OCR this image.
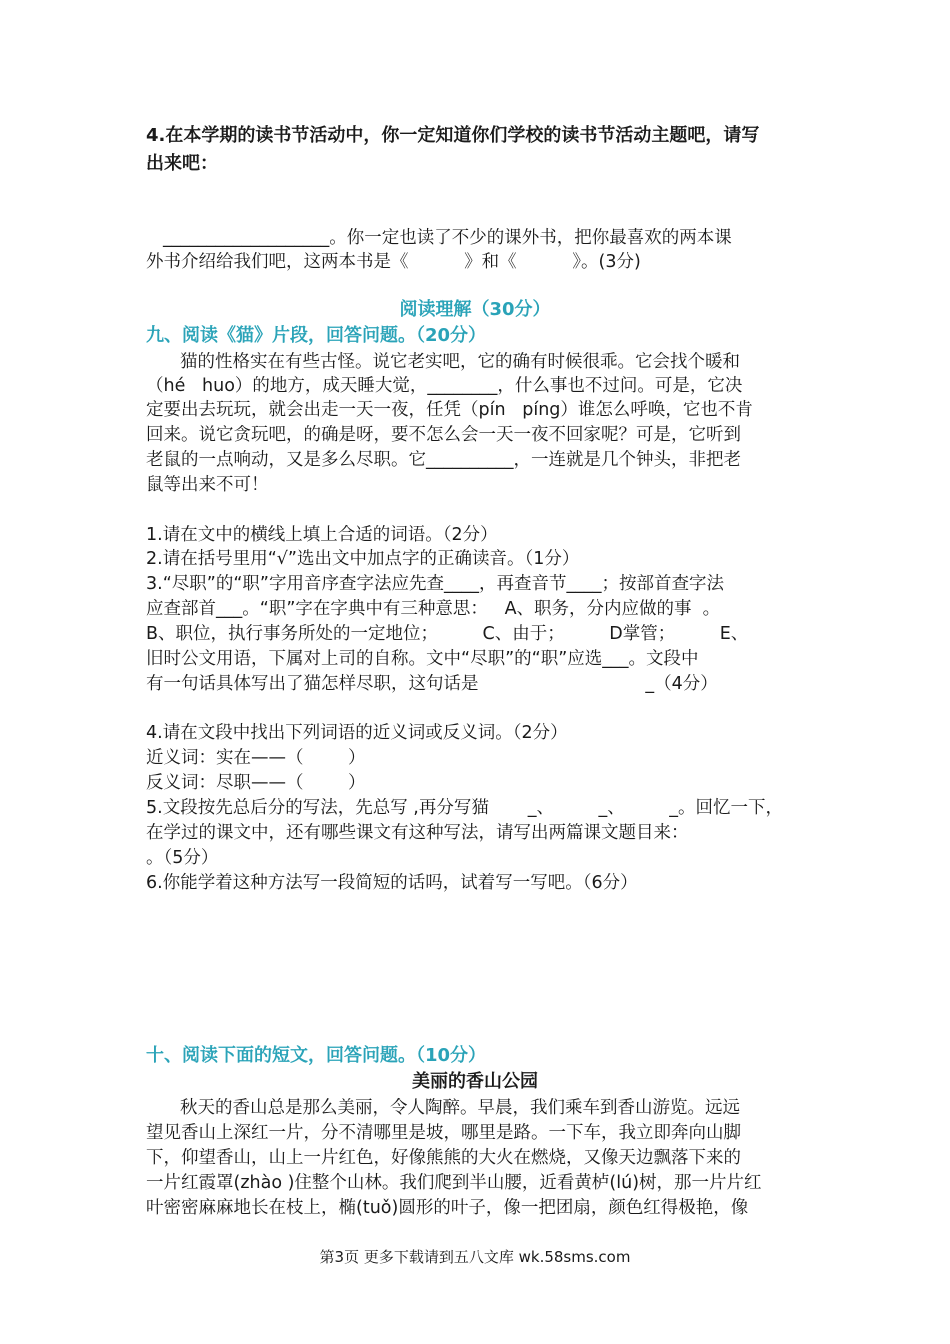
4.在本学期的读书节活动中，你一定知道你们学校的读书节活动主题吧，请写
出来吧：
___________________。你一定也读了不少的课外书，把你最喜欢的两本课
外书介绍给我们吧，这两本书是《          》和《          》。(3分)
阅读理解（30分）
九、阅读《猫》片段，回答问题。（20分）
猫的性格实在有些古怪。说它老实吧，它的确有时候很乖。它会找个暖和
（hé   huo）的地方，成天睡大觉，________，什么事也不过问。可是，它决
定要出去玩玩，就会出走一天一夜，任凭（pín   píng）谁怎么呼唤，它也不肯
回来。说它贪玩吧，的确是呀，要不怎么会一天一夜不回家呢？可是，它听到
老鼠的一点响动，又是多么尽职。它__________，一连就是几个钟头，非把老
鼠等出来不可！
1.请在文中的横线上填上合适的词语。（2分）
2.请在括号里用“√”选出文中加点字的正确读音。（1分）
3.“尽职”的“职”字用音序查字法应先查____，再查音节____；按部首查字法
应查部首___。“职”字在字典中有三种意思：   A、职务，分内应做的事  。
B、职位，执行事务所处的一定地位；        C、由于；        D掌管；        E、
旧时公文用语，下属对上司的自称。文中“尽职”的“职”应选___。文段中
有一句话具体写出了猫怎样尽职，这句话是                              _（4分）
4.请在文段中找出下列词语的近义词或反义词。（2分）
近义词：实在——（        ）
反义词：尽职——（        ）
5.文段按先总后分的写法，先总写 ,再分写猫       _、        _、        _。回忆一下，
在学过的课文中，还有哪些课文有这种写法，请写出两篇课文题目来：
。（5分）
6.你能学着这种方法写一段简短的话吗，试着写一写吧。（6分）
十、阅读下面的短文，回答问题。（10分）
美丽的香山公园
秋天的香山总是那么美丽，令人陶醉。早晨，我们乘车到香山游览。远远
望见香山上深红一片，分不清哪里是坡，哪里是路。一下车，我立即奔向山脚
下，仰望香山，山上一片红色，好像熊熊的大火在燃烧，又像天边飘落下来的
一片红霞罩(zhào )住整个山林。我们爬到半山腰，近看黄栌(lú)树，那一片片红
叶密密麻麻地长在枝上，椭(tuǒ)圆形的叶子，像一把团扇，颜色红得极艳，像
第3页 更多下载请到五八文库 wk.58sms.com
